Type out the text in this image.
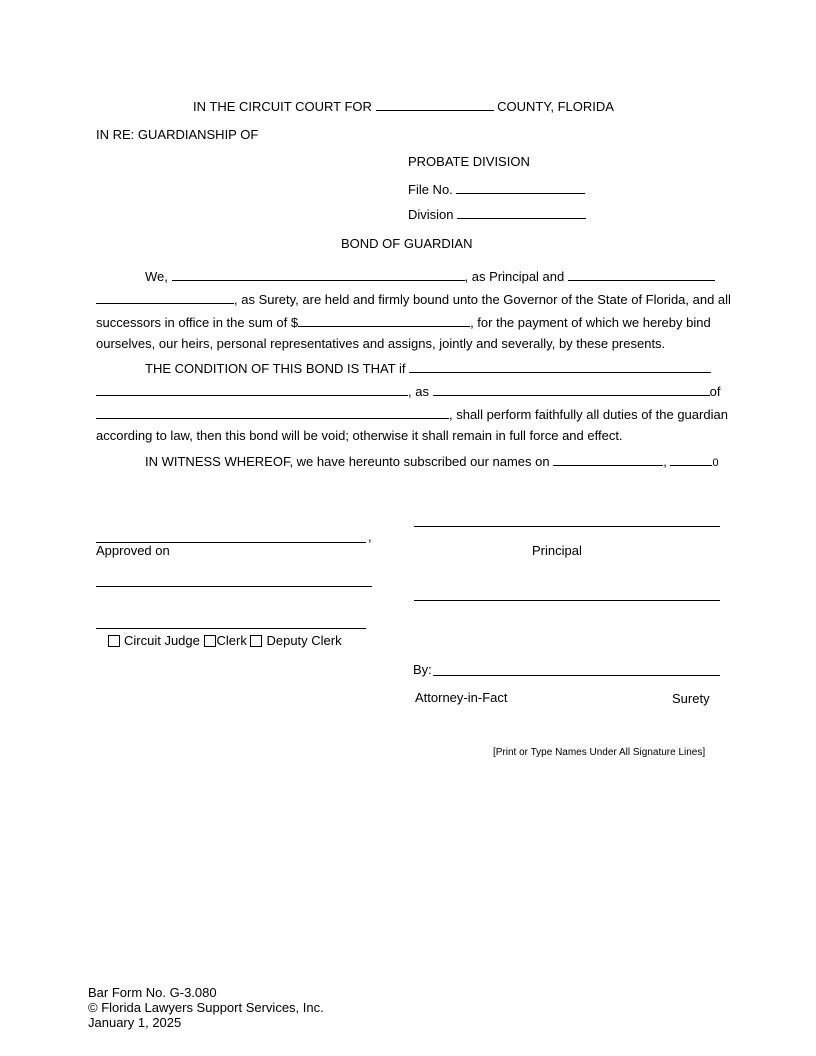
IN THE CIRCUIT COURT FOR	COUNTY, FLORIDA
IN RE: GUARDIANSHIP OF
PROBATE DIVISION
File No.
Division
BOND OF GUARDIAN
We,	, as Principal and
, as Surety, are held and firmly bound unto the Governor of the State of Florida, and all
successors in office in the sum of $	, for the payment of which we hereby bind
ourselves, our heirs, personal representatives and assigns, jointly and severally, by these presents.
THE CONDITION OF THIS BOND IS THAT if
, as	of
, shall perform faithfully all duties of the guardian
according to law, then this bond will be void; otherwise it shall remain in full force and effect.
IN WITNESS WHEREOF, we have hereunto subscribed our names on	,	0
,
Approved on	Principal
Circuit Judge Clerk Deputy Clerk
By:
Attorney-in-Fact	Surety
[Print or Type Names Under All Signature Lines]
Bar Form No. G-3.080
© Florida Lawyers Support Services, Inc.
January 1, 2025
